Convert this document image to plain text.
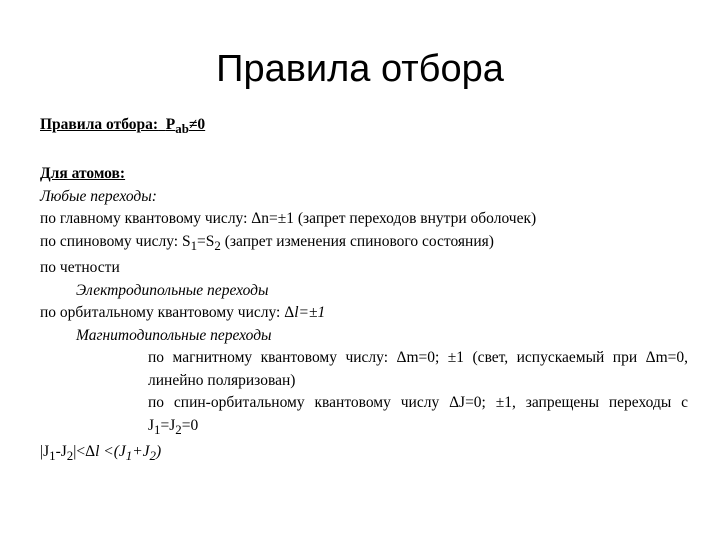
Правила отбора
Правила отбора: $P_{ab}\ne 0$
Для атомов:
Любые переходы:
по главному квантовому числу: Δn=±1 (запрет переходов внутри оболочек)
по спиновому числу: $S_1=S_2$ (запрет изменения спинового состояния)
по четности
Электродипольные переходы
по орбитальному квантовому числу: Δl=±1
Магнитодипольные переходы
по магнитному квантовому числу: Δm=0; ±1 (свет, испускаемый при Δm=0, линейно поляризован)
по спин-орбитальному квантовому числу ΔJ=0; ±1, запрещены переходы с $J_1=J_2=0$
$|J_1-J_2|<\Delta l <(J_1+J_2)$
